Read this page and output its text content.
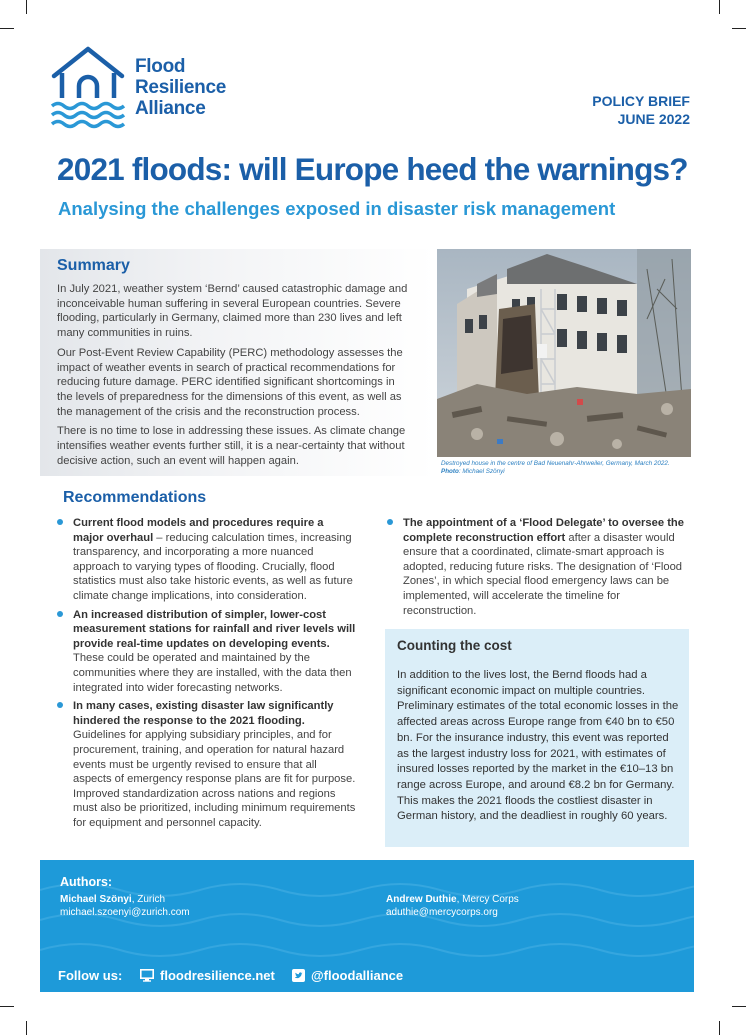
Flood
Resilience
Alliance	POLICY BRIEF
JUNE 2022
2021 floods: will Europe heed the warnings?
Analysing the challenges exposed in disaster risk management
Summary

In July 2021, weather system ‘Bernd’ caused catastrophic damage and inconceivable human suffering in several European countries. Severe flooding, particularly in Germany, claimed more than 230 lives and left many communities in ruins.

Our Post-Event Review Capability (PERC) methodology assesses the impact of weather events in search of practical recommendations for reducing future damage. PERC identified significant shortcomings in the levels of preparedness for the dimensions of this event, as well as the management of the crisis and the reconstruction process.

There is no time to lose in addressing these issues. As climate change intensifies weather events further still, it is a near-certainty that without decisive action, such an event will happen again.	Destroyed house in the centre of Bad Neuenahr-Ahrweiler, Germany, March 2022.
Photo: Michael Szönyi
Recommendations
Current flood models and procedures require a major overhaul – reducing calculation times, increasing transparency, and incorporating a more nuanced approach to varying types of flooding. Crucially, flood statistics must also take historic events, as well as future climate change implications, into consideration.
An increased distribution of simpler, lower-cost measurement stations for rainfall and river levels will provide real-time updates on developing events. These could be operated and maintained by the communities where they are installed, with the data then integrated into wider forecasting networks.
In many cases, existing disaster law significantly hindered the response to the 2021 flooding. Guidelines for applying subsidiary principles, and for procurement, training, and operation for natural hazard events must be urgently revised to ensure that all aspects of emergency response plans are fit for purpose. Improved standardization across nations and regions must also be prioritized, including minimum requirements for equipment and personnel capacity.
The appointment of a ‘Flood Delegate’ to oversee the complete reconstruction effort after a disaster would ensure that a coordinated, climate-smart approach is adopted, reducing future risks. The designation of ‘Flood Zones’, in which special flood emergency laws can be implemented, will accelerate the timeline for reconstruction.
Counting the cost

In addition to the lives lost, the Bernd floods had a significant economic impact on multiple countries. Preliminary estimates of the total economic losses in the affected areas across Europe range from €40 bn to €50 bn. For the insurance industry, this event was reported as the largest industry loss for 2021, with estimates of insured losses reported by the market in the €10–13 bn range across Europe, and around €8.2 bn for Germany. This makes the 2021 floods the costliest disaster in German history, and the deadliest in roughly 60 years.

Authors:
Michael Szönyi, Zurich
michael.szoenyi@zurich.com
Andrew Duthie, Mercy Corps
aduthie@mercycorps.org
Follow us:	floodresilience.net	@floodalliance
